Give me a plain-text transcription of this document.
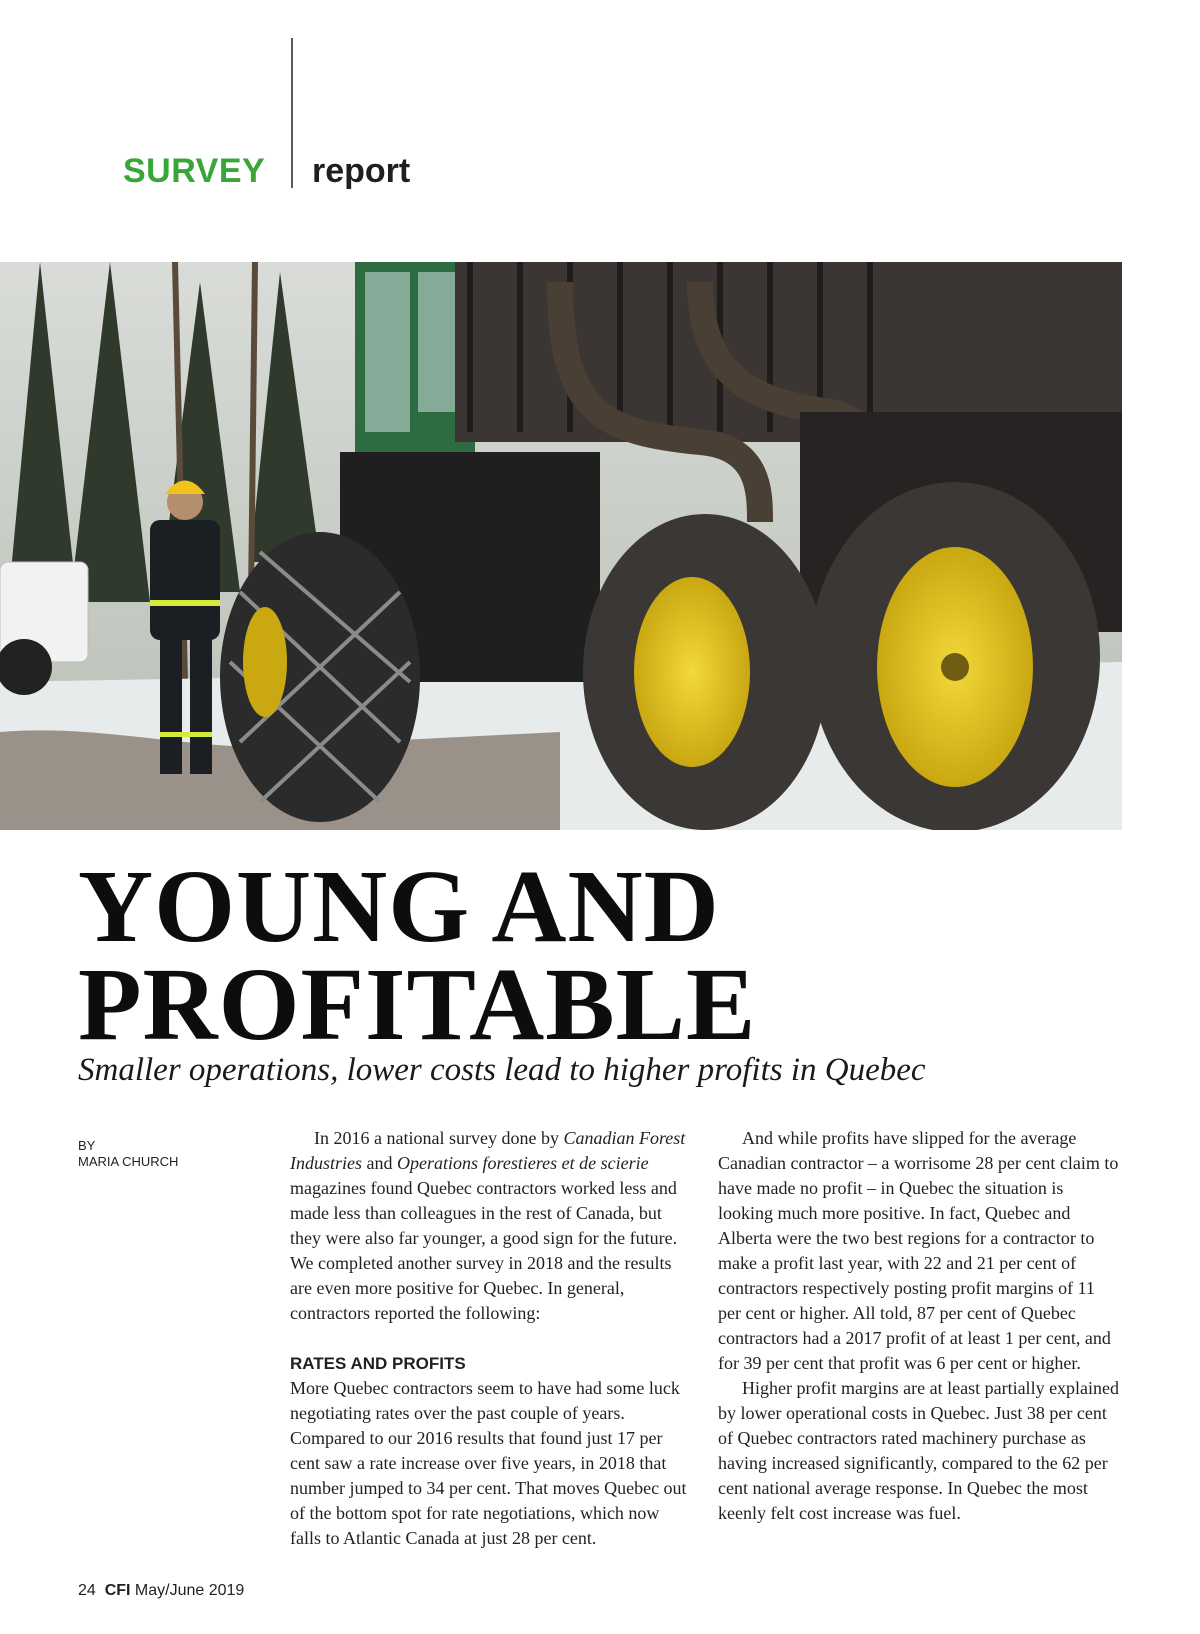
SURVEY report
YOUNG AND
PROFITABLE

Smaller operations, lower costs lead to higher profits in Quebec

BY
MARIA CHURCH

In 2016 a national survey done by Canadian Forest Industries and Operations forestieres et de scierie magazines found Quebec contractors worked less and made less than colleagues in the rest of Canada, but they were also far younger, a good sign for the future. We completed another survey in 2018 and the results are even more positive for Quebec. In general, contractors reported the following:

RATES AND PROFITS

More Quebec contractors seem to have had some luck negotiating rates over the past couple of years. Compared to our 2016 results that found just 17 per cent saw a rate increase over five years, in 2018 that number jumped to 34 per cent. That moves Quebec out of the bottom spot for rate negotiations, which now falls to Atlantic Canada at just 28 per cent.

And while profits have slipped for the average Canadian contractor – a worrisome 28 per cent claim to have made no profit – in Quebec the situation is looking much more positive. In fact, Quebec and Alberta were the two best regions for a contractor to make a profit last year, with 22 and 21 per cent of contractors respectively posting profit margins of 11 per cent or higher. All told, 87 per cent of Quebec contractors had a 2017 profit of at least 1 per cent, and for 39 per cent that profit was 6 per cent or higher.

Higher profit margins are at least partially explained by lower operational costs in Quebec. Just 38 per cent of Quebec contractors rated machinery purchase as having increased significantly, compared to the 62 per cent national average response. In Quebec the most keenly felt cost increase was fuel.

24 CFI May/June 2019
